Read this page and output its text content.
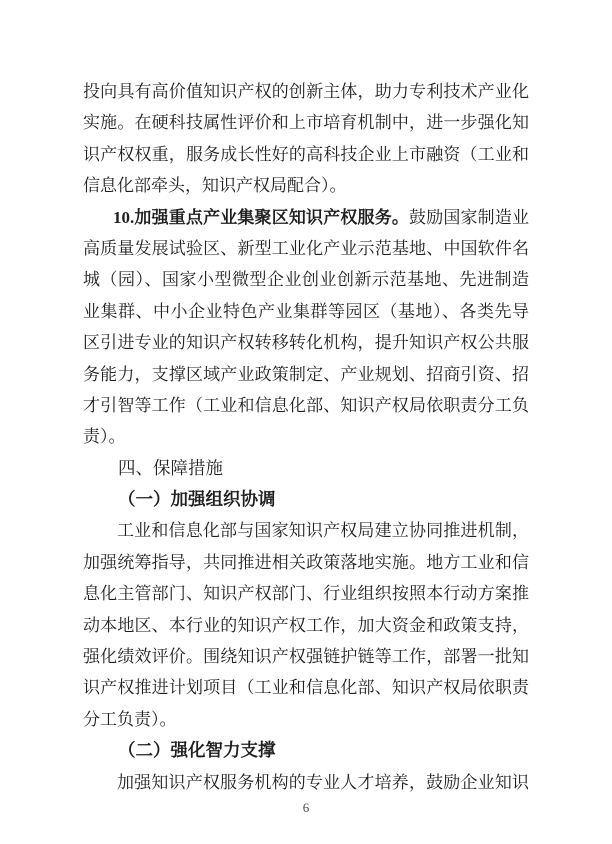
投向具有高价值知识产权的创新主体，助力专利技术产业化
实施。在硬科技属性评价和上市培育机制中，进一步强化知
识产权权重，服务成长性好的高科技企业上市融资（工业和
信息化部牵头，知识产权局配合）。
10.加强重点产业集聚区知识产权服务。鼓励国家制造业
高质量发展试验区、新型工业化产业示范基地、中国软件名
城（园）、国家小型微型企业创业创新示范基地、先进制造
业集群、中小企业特色产业集群等园区（基地）、各类先导
区引进专业的知识产权转移转化机构，提升知识产权公共服
务能力，支撑区域产业政策制定、产业规划、招商引资、招
才引智等工作（工业和信息化部、知识产权局依职责分工负
责）。
四、保障措施
（一）加强组织协调
工业和信息化部与国家知识产权局建立协同推进机制，
加强统筹指导，共同推进相关政策落地实施。地方工业和信
息化主管部门、知识产权部门、行业组织按照本行动方案推
动本地区、本行业的知识产权工作，加大资金和政策支持，
强化绩效评价。围绕知识产权强链护链等工作，部署一批知
识产权推进计划项目（工业和信息化部、知识产权局依职责
分工负责）。
（二）强化智力支撑
加强知识产权服务机构的专业人才培养，鼓励企业知识
6
